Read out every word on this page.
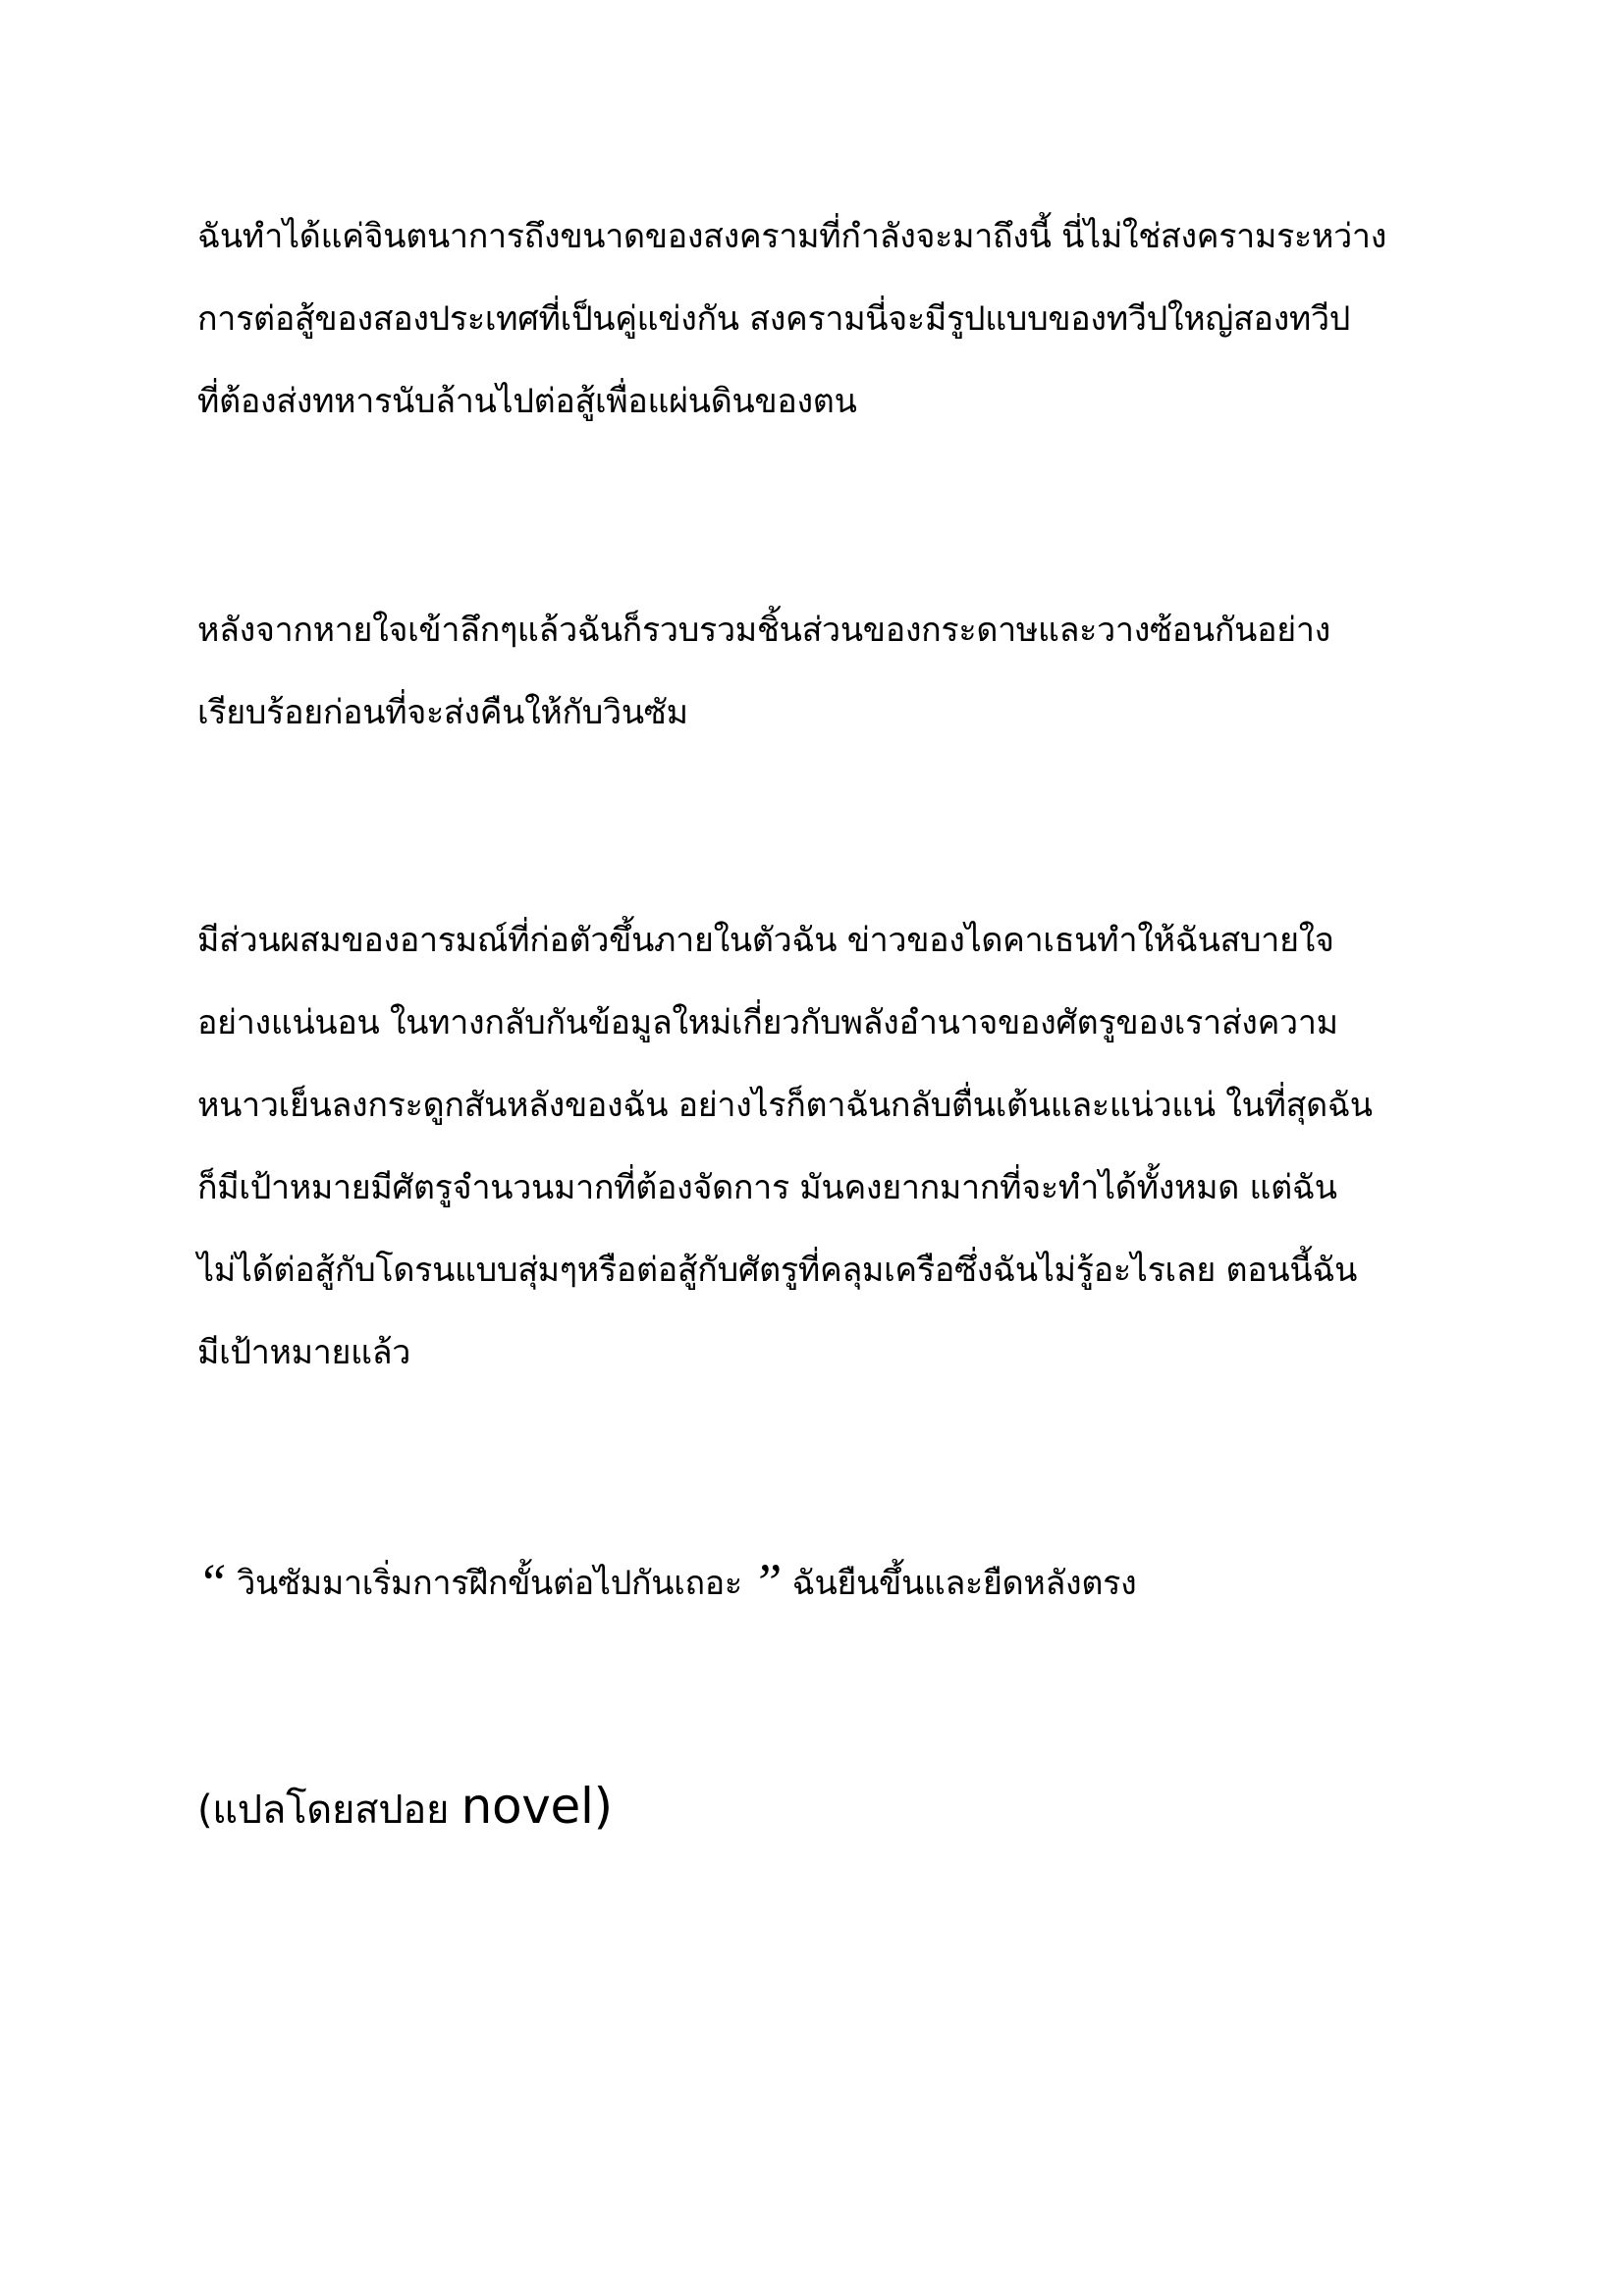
ฉันทำได้แค่จินตนาการถึงขนาดของสงครามที่กำลังจะมาถึงนี้ นี่ไม่ใช่สงครามระหว่าง
การต่อสู้ของสองประเทศที่เป็นคู่แข่งกัน สงครามนี่จะมีรูปแบบของทวีปใหญ่สองทวีป
ที่ต้องส่งทหารนับล้านไปต่อสู้เพื่อแผ่นดินของตน
หลังจากหายใจเข้าลึกๆแล้วฉันก็รวบรวมชิ้นส่วนของกระดาษและวางซ้อนกันอย่าง
เรียบร้อยก่อนที่จะส่งคืนให้กับวินซัม
มีส่วนผสมของอารมณ์ที่ก่อตัวขึ้นภายในตัวฉัน ข่าวของไดคาเธนทำให้ฉันสบายใจ
อย่างแน่นอน ในทางกลับกันข้อมูลใหม่เกี่ยวกับพลังอำนาจของศัตรูของเราส่งความ
หนาวเย็นลงกระดูกสันหลังของฉัน อย่างไรก็ตาฉันกลับตื่นเต้นและแน่วแน่ ในที่สุดฉัน
ก็มีเป้าหมายมีศัตรูจำนวนมากที่ต้องจัดการ มันคงยากมากที่จะทำได้ทั้งหมด แต่ฉัน
ไม่ได้ต่อสู้กับโดรนแบบสุ่มๆหรือต่อสู้กับศัตรูที่คลุมเครือซึ่งฉันไม่รู้อะไรเลย ตอนนี้ฉัน
มีเป้าหมายแล้ว
“ วินซัมมาเริ่มการฝึกขั้นต่อไปกันเถอะ ” ฉันยืนขึ้นและยืดหลังตรง
(แปลโดยสปอย novel)
